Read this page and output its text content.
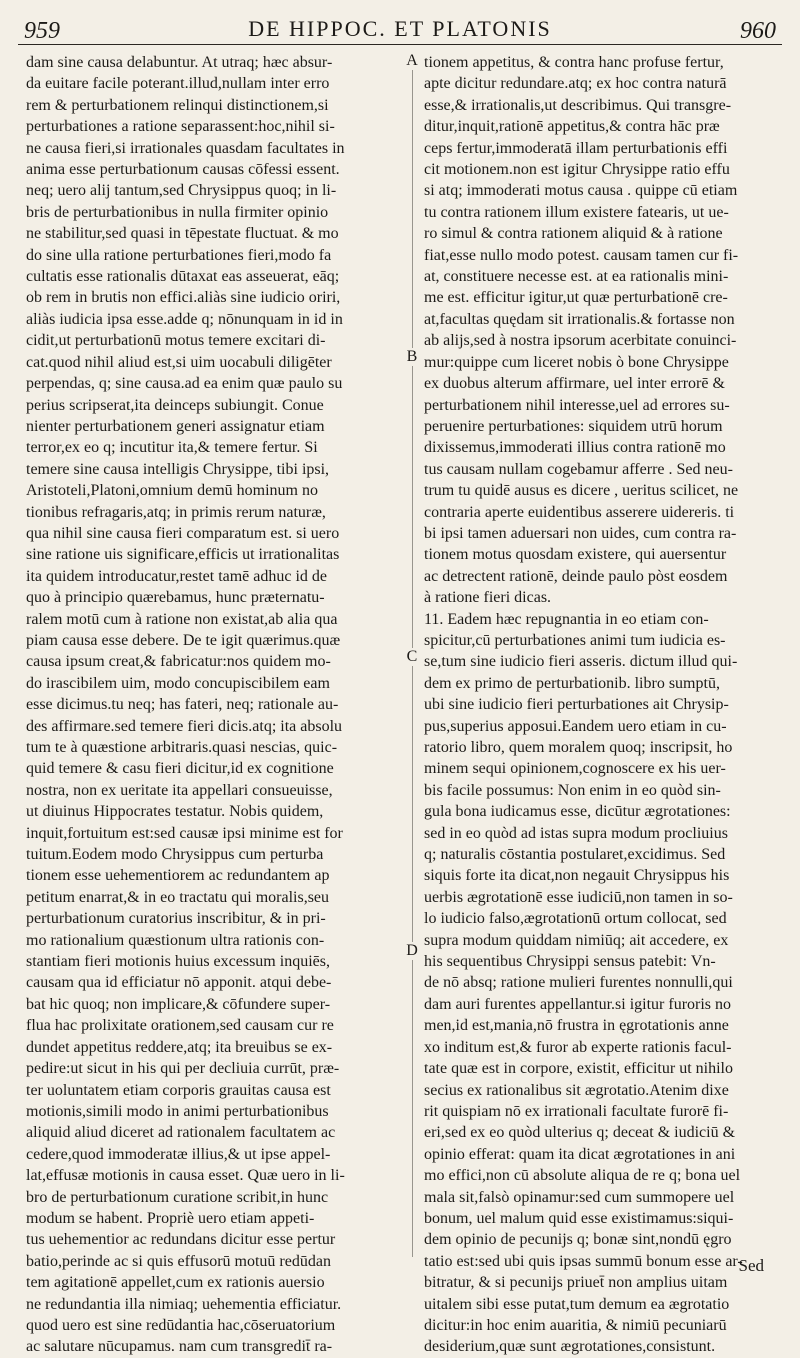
959	DE HIPPOC. ET PLATONIS	960
dam sine causa delabuntur. At utraq; hæc absur-
da euitare facile poterant.illud,nullam inter erro
rem & perturbationem relinqui distinctionem,si
perturbationes a ratione separassent:hoc,nihil si-
ne causa fieri,si irrationales quasdam facultates in
anima esse perturbationum causas cōfessi essent.
neq; uero alij tantum,sed Chrysippus quoq; in li-
bris de perturbationibus in nulla firmiter opinio
ne stabilitur,sed quasi in tēpestate fluctuat. & mo
do sine ulla ratione perturbationes fieri,modo fa
cultatis esse rationalis dūtaxat eas asseuerat, eāq;
ob rem in brutis non effici.aliàs sine iudicio oriri,
aliàs iudicia ipsa esse.adde q; nōnunquam in id in
cidit,ut perturbationū motus temere excitari di-
cat.quod nihil aliud est,si uim uocabuli diligēter
perpendas, q; sine causa.ad ea enim quæ paulo su
perius scripserat,ita deinceps subiungit. Conue
nienter perturbationem generi assignatur etiam
terror,ex eo q; incutitur ita,& temere fertur. Si
temere sine causa intelligis Chrysippe, tibi ipsi,
Aristoteli,Platoni,omnium demū hominum no
tionibus refragaris,atq; in primis rerum naturæ,
qua nihil sine causa fieri comparatum est. si uero
sine ratione uis significare,efficis ut irrationalitas
ita quidem introducatur,restet tamē adhuc id de
quo à principio quærebamus, hunc præternatu-
ralem motū cum à ratione non existat,ab alia qua
piam causa esse debere. De te igit quærimus.quæ
causa ipsum creat,& fabricatur:nos quidem mo-
do irascibilem uim, modo concupiscibilem eam
esse dicimus.tu neq; has fateri, neq; rationale au-
des affirmare.sed temere fieri dicis.atq; ita absolu
tum te à quæstione arbitraris.quasi nescias, quic-
quid temere & casu fieri dicitur,id ex cognitione
nostra, non ex ueritate ita appellari consueuisse,
ut diuinus Hippocrates testatur. Nobis quidem,
inquit,fortuitum est:sed causæ ipsi minime est for
tuitum.Eodem modo Chrysippus cum perturba
tionem esse uehementiorem ac redundantem ap
petitum enarrat,& in eo tractatu qui moralis,seu
perturbationum curatorius inscribitur, & in pri-
mo rationalium quæstionum ultra rationis con-
stantiam fieri motionis huius excessum inquiēs,
causam qua id efficiatur nō apponit. atqui debe-
bat hic quoq; non implicare,& cōfundere super-
flua hac prolixitate orationem,sed causam cur re
dundet appetitus reddere,atq; ita breuibus se ex-
pedire:ut sicut in his qui per decliuia currūt, præ-
ter uoluntatem etiam corporis grauitas causa est
motionis,simili modo in animi perturbationibus
aliquid aliud diceret ad rationalem facultatem ac
cedere,quod immoderatæ illius,& ut ipse appel-
lat,effusæ motionis in causa esset. Quæ uero in li-
bro de perturbationum curatione scribit,in hunc
modum se habent. Propriè uero etiam appeti-
tus uehementior ac redundans dicitur esse pertur
batio,perinde ac si quis effusorū motuū redūdan
tem agitationē appellet,cum ex rationis auersio
ne redundantia illa nimiaq; uehementia efficiatur.
quod uero est sine redūdantia hac,cōseruatorium
ac salutare nūcupamus. nam cum transgredit̄ ra-
tionem appetitus, & contra hanc profuse fertur,
apte dicitur redundare.atq; ex hoc contra naturā
esse,& irrationalis,ut describimus. Qui transgre-
ditur,inquit,rationē appetitus,& contra hāc præ
ceps fertur,immoderatā illam perturbationis effi
cit motionem.non est igitur Chrysippe ratio effu
si atq; immoderati motus causa . quippe cū etiam
tu contra rationem illum existere fatearis, ut ue-
ro simul & contra rationem aliquid & à ratione
fiat,esse nullo modo potest. causam tamen cur fi-
at, constituere necesse est. at ea rationalis mini-
me est. efficitur igitur,ut quæ perturbationē cre-
at,facultas quędam sit irrationalis.& fortasse non
ab alijs,sed à nostra ipsorum acerbitate conuinci-
mur:quippe cum liceret nobis ò bone Chrysippe
ex duobus alterum affirmare, uel inter errorē &
perturbationem nihil interesse,uel ad errores su-
peruenire perturbationes: siquidem utrū horum
dixissemus,immoderati illius contra rationē mo
tus causam nullam cogebamur afferre . Sed neu-
trum tu quidē ausus es dicere , ueritus scilicet, ne
contraria aperte euidentibus asserere uidereris. ti
bi ipsi tamen aduersari non uides, cum contra ra-
tionem motus quosdam existere, qui auersentur
ac detrectent rationē, deinde paulo pòst eosdem
à ratione fieri dicas.
11. Eadem hæc repugnantia in eo etiam con-
spicitur,cū perturbationes animi tum iudicia es-
se,tum sine iudicio fieri asseris. dictum illud qui-
dem ex primo de perturbationib. libro sumptū,
ubi sine iudicio fieri perturbationes ait Chrysip-
pus,superius apposui.Eandem uero etiam in cu-
ratorio libro, quem moralem quoq; inscripsit, ho
minem sequi opinionem,cognoscere ex his uer-
bis facile possumus: Non enim in eo quòd sin-
gula bona iudicamus esse, dicūtur ægrotationes:
sed in eo quòd ad istas supra modum procliuius
q; naturalis cōstantia postularet,excidimus. Sed
siquis forte ita dicat,non negauit Chrysippus his
uerbis ægrotationē esse iudiciū,non tamen in so-
lo iudicio falso,ægrotationū ortum collocat, sed
supra modum quiddam nimiūq; ait accedere, ex
his sequentibus Chrysippi sensus patebit: Vn-
de nō absq; ratione mulieri furentes nonnulli,qui
dam auri furentes appellantur.si igitur furoris no
men,id est,mania,nō frustra in ęgrotationis anne
xo inditum est,& furor ab experte rationis facul-
tate quæ est in corpore, existit, efficitur ut nihilo
secius ex rationalibus sit ægrotatio.Atenim dixe
rit quispiam nō ex irrationali facultate furorē fi-
eri,sed ex eo quòd ulterius q; deceat & iudiciū &
opinio efferat: quam ita dicat ægrotationes in ani
mo effici,non cū absolute aliqua de re q; bona uel
mala sit,falsò opinamur:sed cum summopere uel
bonum, uel malum quid esse existimamus:siqui-
dem opinio de pecunijs q; bonæ sint,nondū ęgro
tatio est:sed ubi quis ipsas summū bonum esse ar-
bitratur, & si pecunijs priuet̄ non amplius uitam
uitalem sibi esse putat,tum demum ea ægrotatio
dicitur:in hoc enim auaritia, & nimiū pecuniarū
desiderium,quæ sunt ægrotationes,consistunt.
A
B
C
D
Sed
